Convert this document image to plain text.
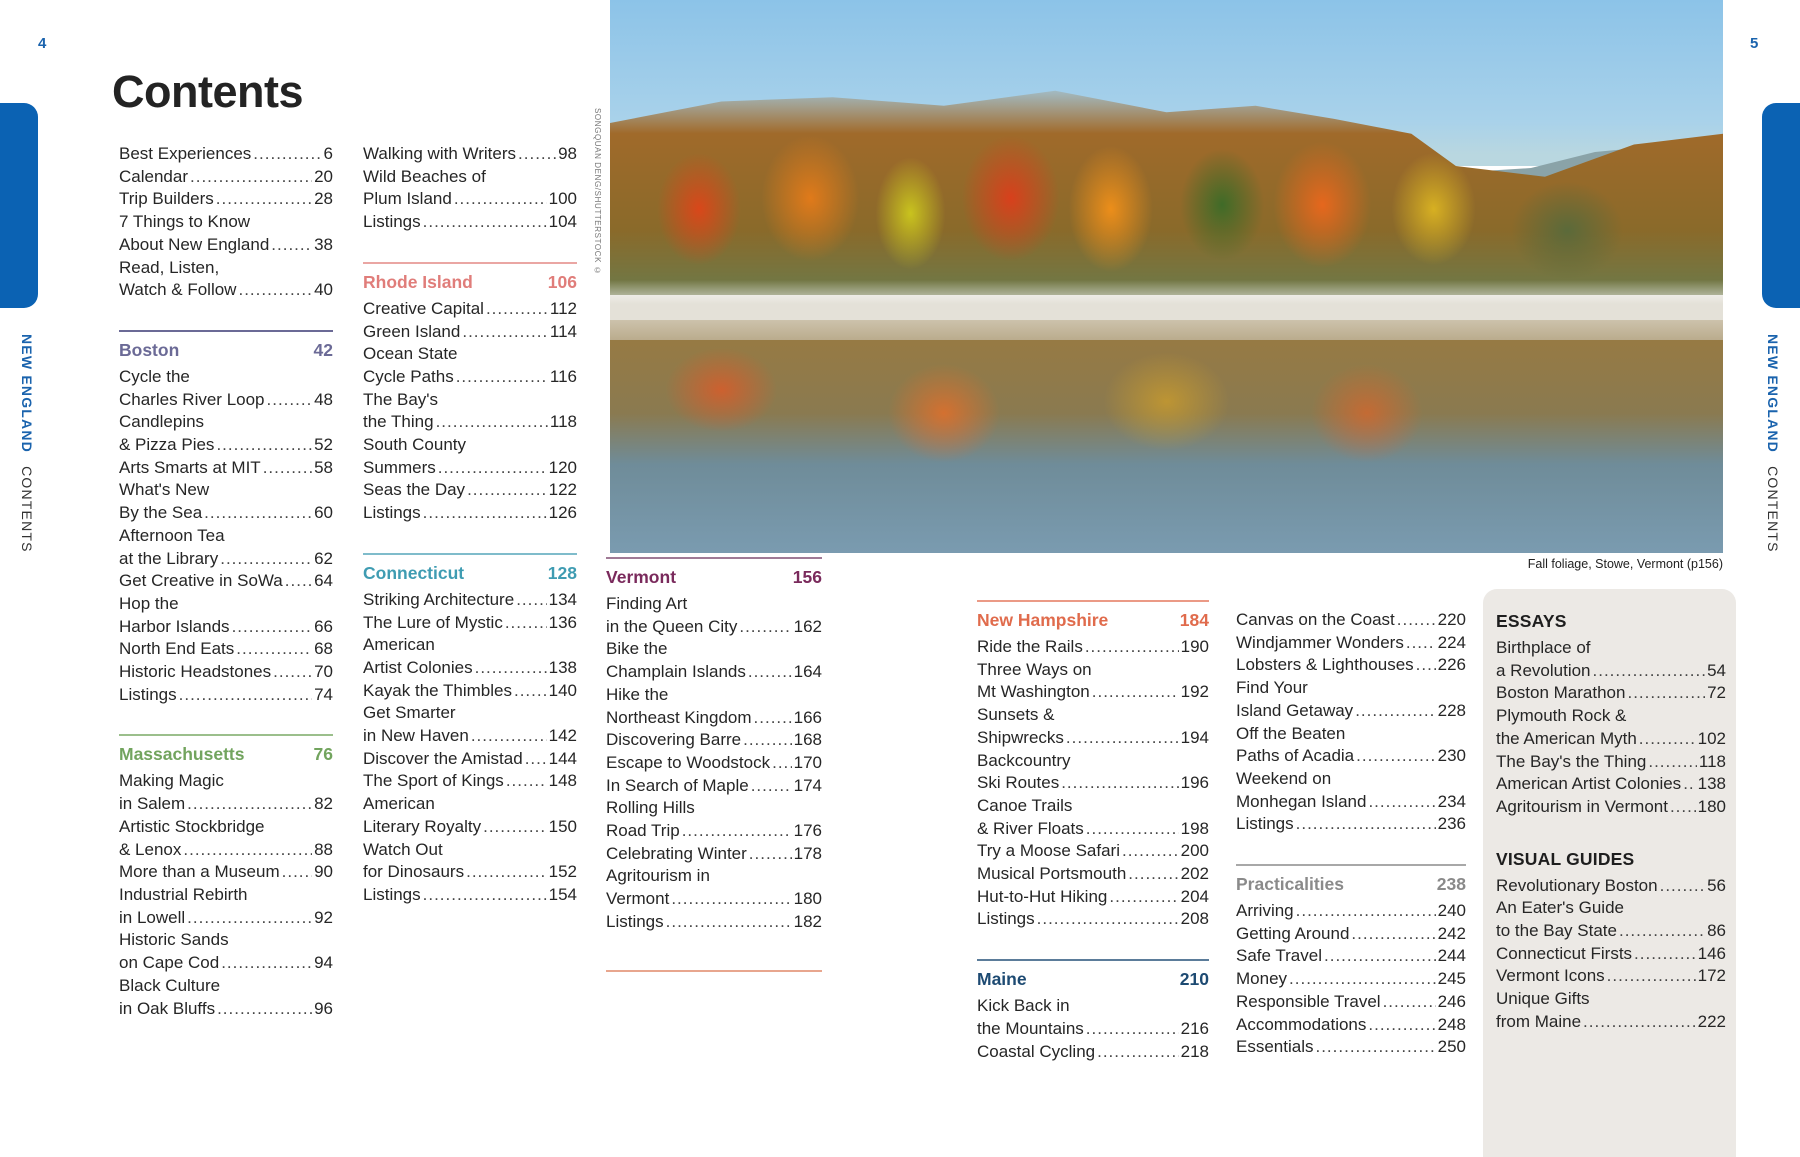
4	5
NEW ENGLAND CONTENTS
NEW ENGLAND CONTENTS
Contents
Best Experiences .....	6
Calendar .....	20
Trip Builders .....	28
7 Things to Know
About New England .....	38
Read, Listen,
Watch & Follow .....	40
Boston	42
Cycle the
Charles River Loop .....	48
Candlepins
& Pizza Pies .....	52
Arts Smarts at MIT .....	58
What's New
By the Sea .....	60
Afternoon Tea
at the Library .....	62
Get Creative in SoWa ..... 64
Hop the
Harbor Islands .....	66
North End Eats .....	68
Historic Headstones .....	70
Listings .....	74
Massachusetts	76
Making Magic
in Salem .....	82
Artistic Stockbridge
& Lenox .....	88
More than a Museum ..... 90
Industrial Rebirth
in Lowell .....	92
Historic Sands
on Cape Cod .....	94
Black Culture
in Oak Bluffs .....	96
Walking with Writers ..... 98
Wild Beaches of
Plum Island .....	100
Listings .....	104
Rhode Island	106
Creative Capital .....	112
Green Island .....	114
Ocean State
Cycle Paths .....	116
The Bay's
the Thing .....	118
South County
Summers .....	120
Seas the Day .....	122
Listings .....	126
Connecticut	128
Striking Architecture ..... 134
The Lure of Mystic .....	136
American
Artist Colonies .....	138
Kayak the Thimbles ..... 140
Get Smarter
in New Haven .....	142
Discover the Amistad ..... 144
The Sport of Kings .....	148
American
Literary Royalty .....	150
Watch Out
for Dinosaurs .....	152
Listings .....	154
SONGQUAN DENG/SHUTTERSTOCK ©
Fall foliage, Stowe, Vermont (p156)
Vermont	156
Finding Art
in the Queen City .....	162
Bike the
Champlain Islands .....	164
Hike the
Northeast Kingdom ..... 166
Discovering Barre .....	168
Escape to Woodstock ..... 170
In Search of Maple .....	174
Rolling Hills
Road Trip .....	176
Celebrating Winter .....	178
Agritourism in
Vermont .....	180
Listings .....	182
New Hampshire	184
Ride the Rails .....	190
Three Ways on
Mt Washington .....	192
Sunsets &
Shipwrecks .....	194
Backcountry
Ski Routes .....	196
Canoe Trails
& River Floats .....	198
Try a Moose Safari .....	200
Musical Portsmouth .....	202
Hut-to-Hut Hiking .....	204
Listings .....	208
Maine	210
Kick Back in
the Mountains .....	216
Coastal Cycling .....	218
Canvas on the Coast .....	220
Windjammer Wonders ..... 224
Lobsters & Lighthouses ..... 226
Find Your
Island Getaway .....	228
Off the Beaten
Paths of Acadia .....	230
Weekend on
Monhegan Island .....	234
Listings .....	236
Practicalities	238
Arriving .....	240
Getting Around .....	242
Safe Travel .....	244
Money .....	245
Responsible Travel .....	246
Accommodations .....	248
Essentials .....	250
ESSAYS
Birthplace of
a Revolution .....	54
Boston Marathon .....	72
Plymouth Rock &
the American Myth .....	102
The Bay's the Thing .....	118
American Artist Colonies ..... 138
Agritourism in Vermont ..... 180
VISUAL GUIDES
Revolutionary Boston .....	56
An Eater's Guide
to the Bay State .....	86
Connecticut Firsts .....	146
Vermont Icons .....	172
Unique Gifts
from Maine .....	222
